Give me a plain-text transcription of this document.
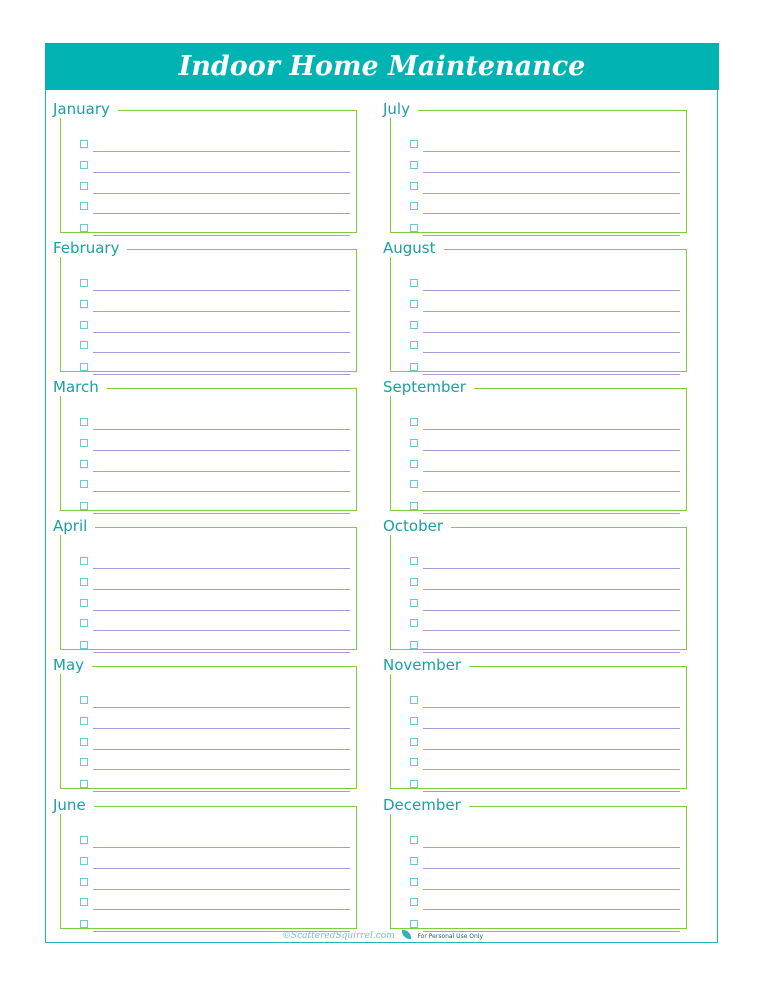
Indoor Home Maintenance
January
February
March
April
May
June
July
August
September
October
November
December
©ScatteredSquirrel.com	For Personal Use Only
